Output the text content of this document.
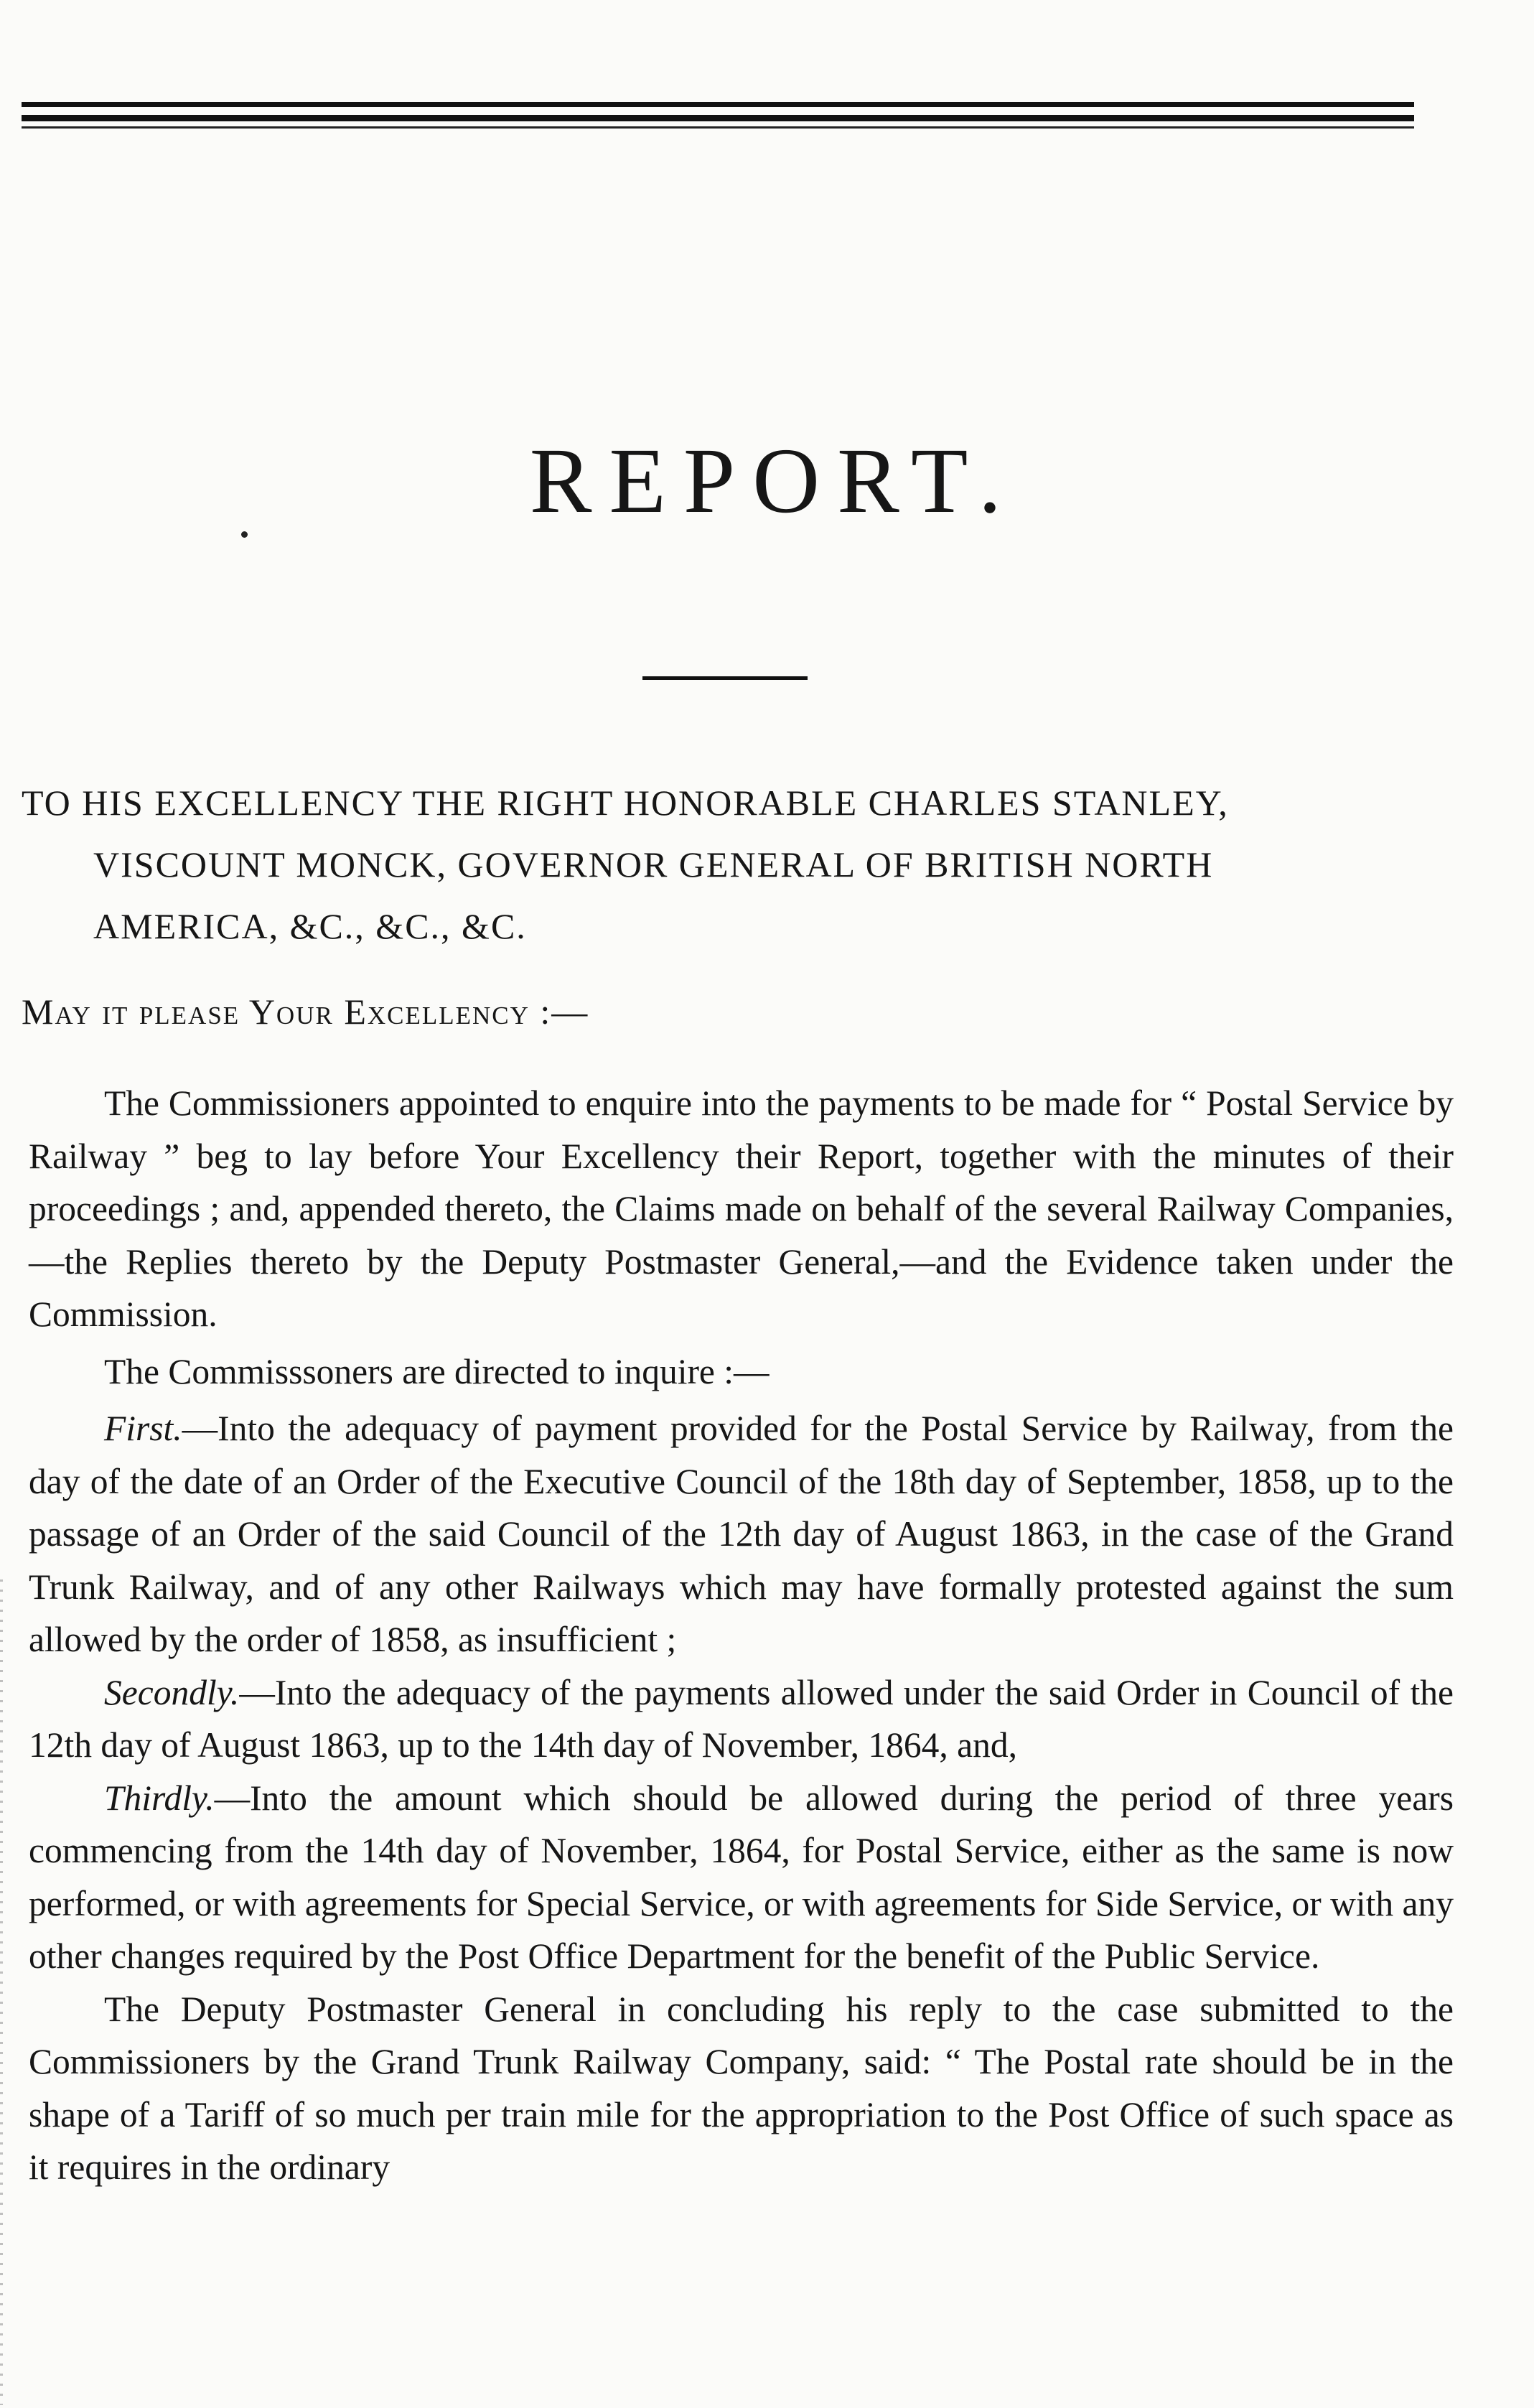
REPORT.
TO HIS EXCELLENCY THE RIGHT HONORABLE CHARLES STANLEY,
VISCOUNT MONCK, GOVERNOR GENERAL OF BRITISH NORTH
AMERICA, &C., &C., &C.
May it please Your Excellency :—

The Commissioners appointed to enquire into the payments to be made for “ Postal Service by Railway ” beg to lay before Your Excellency their Report, together with the minutes of their proceedings ; and, appended thereto, the Claims made on behalf of the several Railway Companies,—the Replies thereto by the Deputy Postmaster General,—and the Evidence taken under the Commission.

The Commisssoners are directed to inquire :—

First.—Into the adequacy of payment provided for the Postal Service by Railway, from the day of the date of an Order of the Executive Council of the 18th day of September, 1858, up to the passage of an Order of the said Council of the 12th day of August 1863, in the case of the Grand Trunk Railway, and of any other Railways which may have formally protested against the sum allowed by the order of 1858, as insufficient ;

Secondly.—Into the adequacy of the payments allowed under the said Order in Council of the 12th day of August 1863, up to the 14th day of November, 1864, and,

Thirdly.—Into the amount which should be allowed during the period of three years commencing from the 14th day of November, 1864, for Postal Service, either as the same is now performed, or with agreements for Special Service, or with agreements for Side Service, or with any other changes required by the Post Office Department for the benefit of the Public Service.

The Deputy Postmaster General in concluding his reply to the case submitted to the Commissioners by the Grand Trunk Railway Company, said: “ The Postal rate should be in the shape of a Tariff of so much per train mile for the appropriation to the Post Office of such space as it requires in the ordinary
